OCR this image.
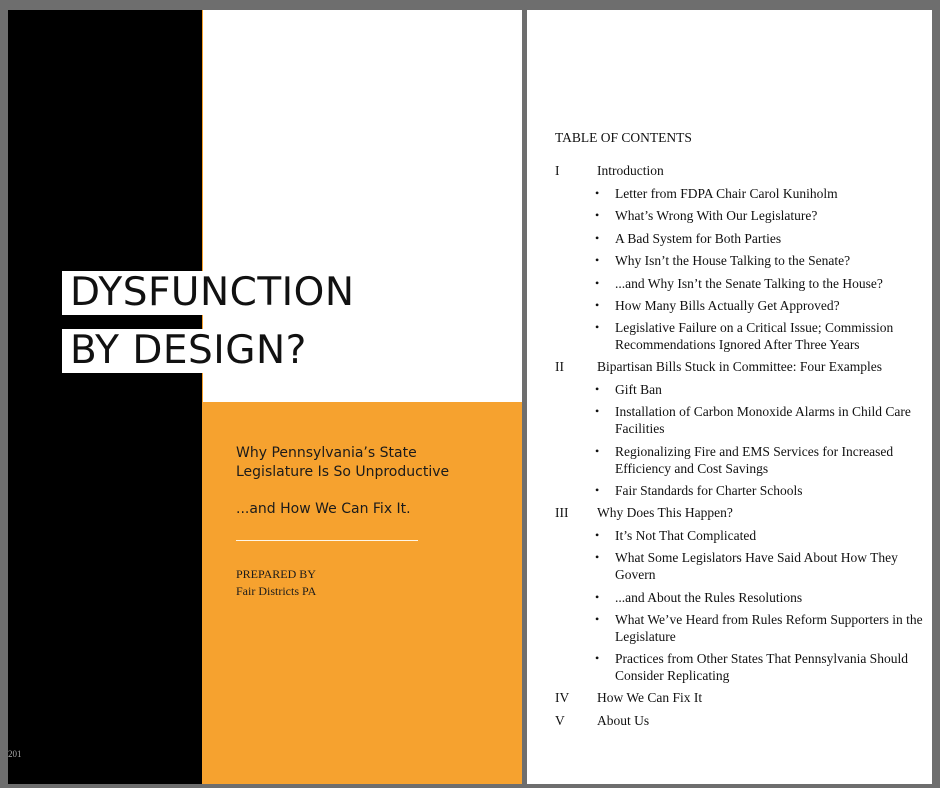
DYSFUNCTION
BY DESIGN?
Why Pennsylvania’s State
Legislature Is So Unproductive
...and How We Can Fix It.
PREPARED BY
Fair Districts PA
201
TABLE OF CONTENTS
I	Introduction
•	Letter from FDPA Chair Carol Kuniholm
•	What’s Wrong With Our Legislature?
•	A Bad System for Both Parties
•	Why Isn’t the House Talking to the Senate?
•	...and Why Isn’t the Senate Talking to the House?
•	How Many Bills Actually Get Approved?
•	Legislative Failure on a Critical Issue; Commission Recommendations Ignored After Three Years
II	Bipartisan Bills Stuck in Committee: Four Examples
•	Gift Ban
•	Installation of Carbon Monoxide Alarms in Child Care Facilities
•	Regionalizing Fire and EMS Services for Increased Efficiency and Cost Savings
•	Fair Standards for Charter Schools
III	Why Does This Happen?
•	It’s Not That Complicated
•	What Some Legislators Have Said About How They Govern
•	...and About the Rules Resolutions
•	What We’ve Heard from Rules Reform Supporters in the Legislature
•	Practices from Other States That Pennsylvania Should Consider Replicating
IV	How We Can Fix It
V	About Us
